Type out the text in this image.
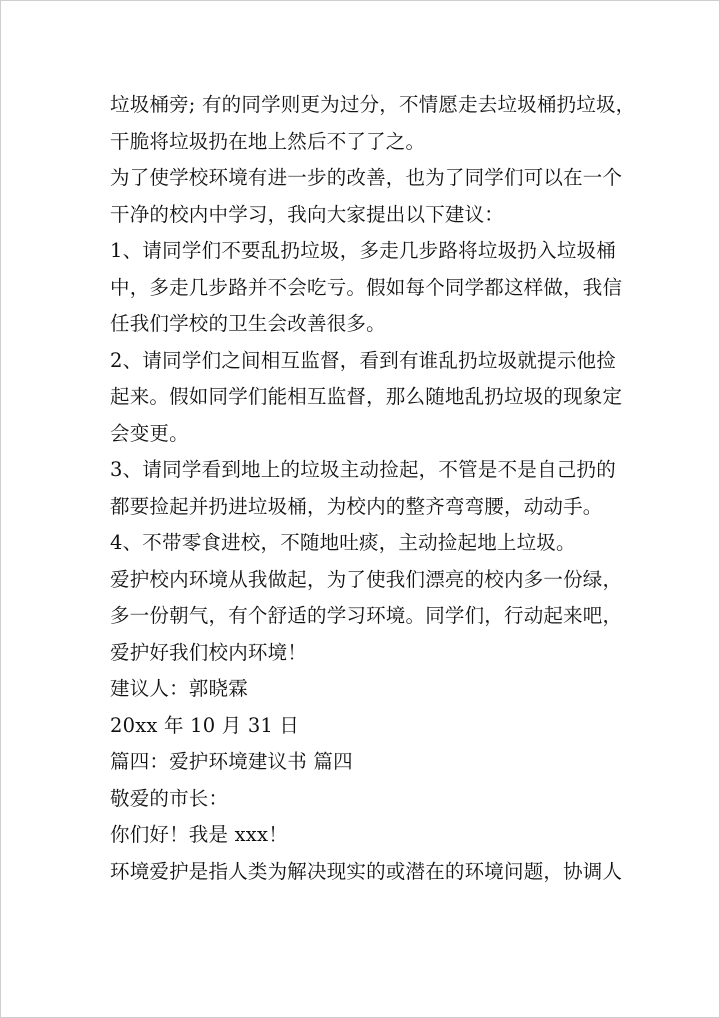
垃圾桶旁; 有的同学则更为过分，不情愿走去垃圾桶扔垃圾，
干脆将垃圾扔在地上然后不了了之。
为了使学校环境有进一步的改善，也为了同学们可以在一个
干净的校内中学习，我向大家提出以下建议：
1、请同学们不要乱扔垃圾，多走几步路将垃圾扔入垃圾桶
中，多走几步路并不会吃亏。假如每个同学都这样做，我信
任我们学校的卫生会改善很多。
2、请同学们之间相互监督，看到有谁乱扔垃圾就提示他捡
起来。假如同学们能相互监督，那么随地乱扔垃圾的现象定
会变更。
3、请同学看到地上的垃圾主动捡起，不管是不是自己扔的
都要捡起并扔进垃圾桶，为校内的整齐弯弯腰，动动手。
4、不带零食进校，不随地吐痰，主动捡起地上垃圾。
爱护校内环境从我做起，为了使我们漂亮的校内多一份绿，
多一份朝气，有个舒适的学习环境。同学们，行动起来吧，
爱护好我们校内环境！
建议人：郭晓霖
20xx 年 10 月 31 日
篇四：爱护环境建议书 篇四
敬爱的市长：
你们好！我是 xxx！
环境爱护是指人类为解决现实的或潜在的环境问题，协调人
